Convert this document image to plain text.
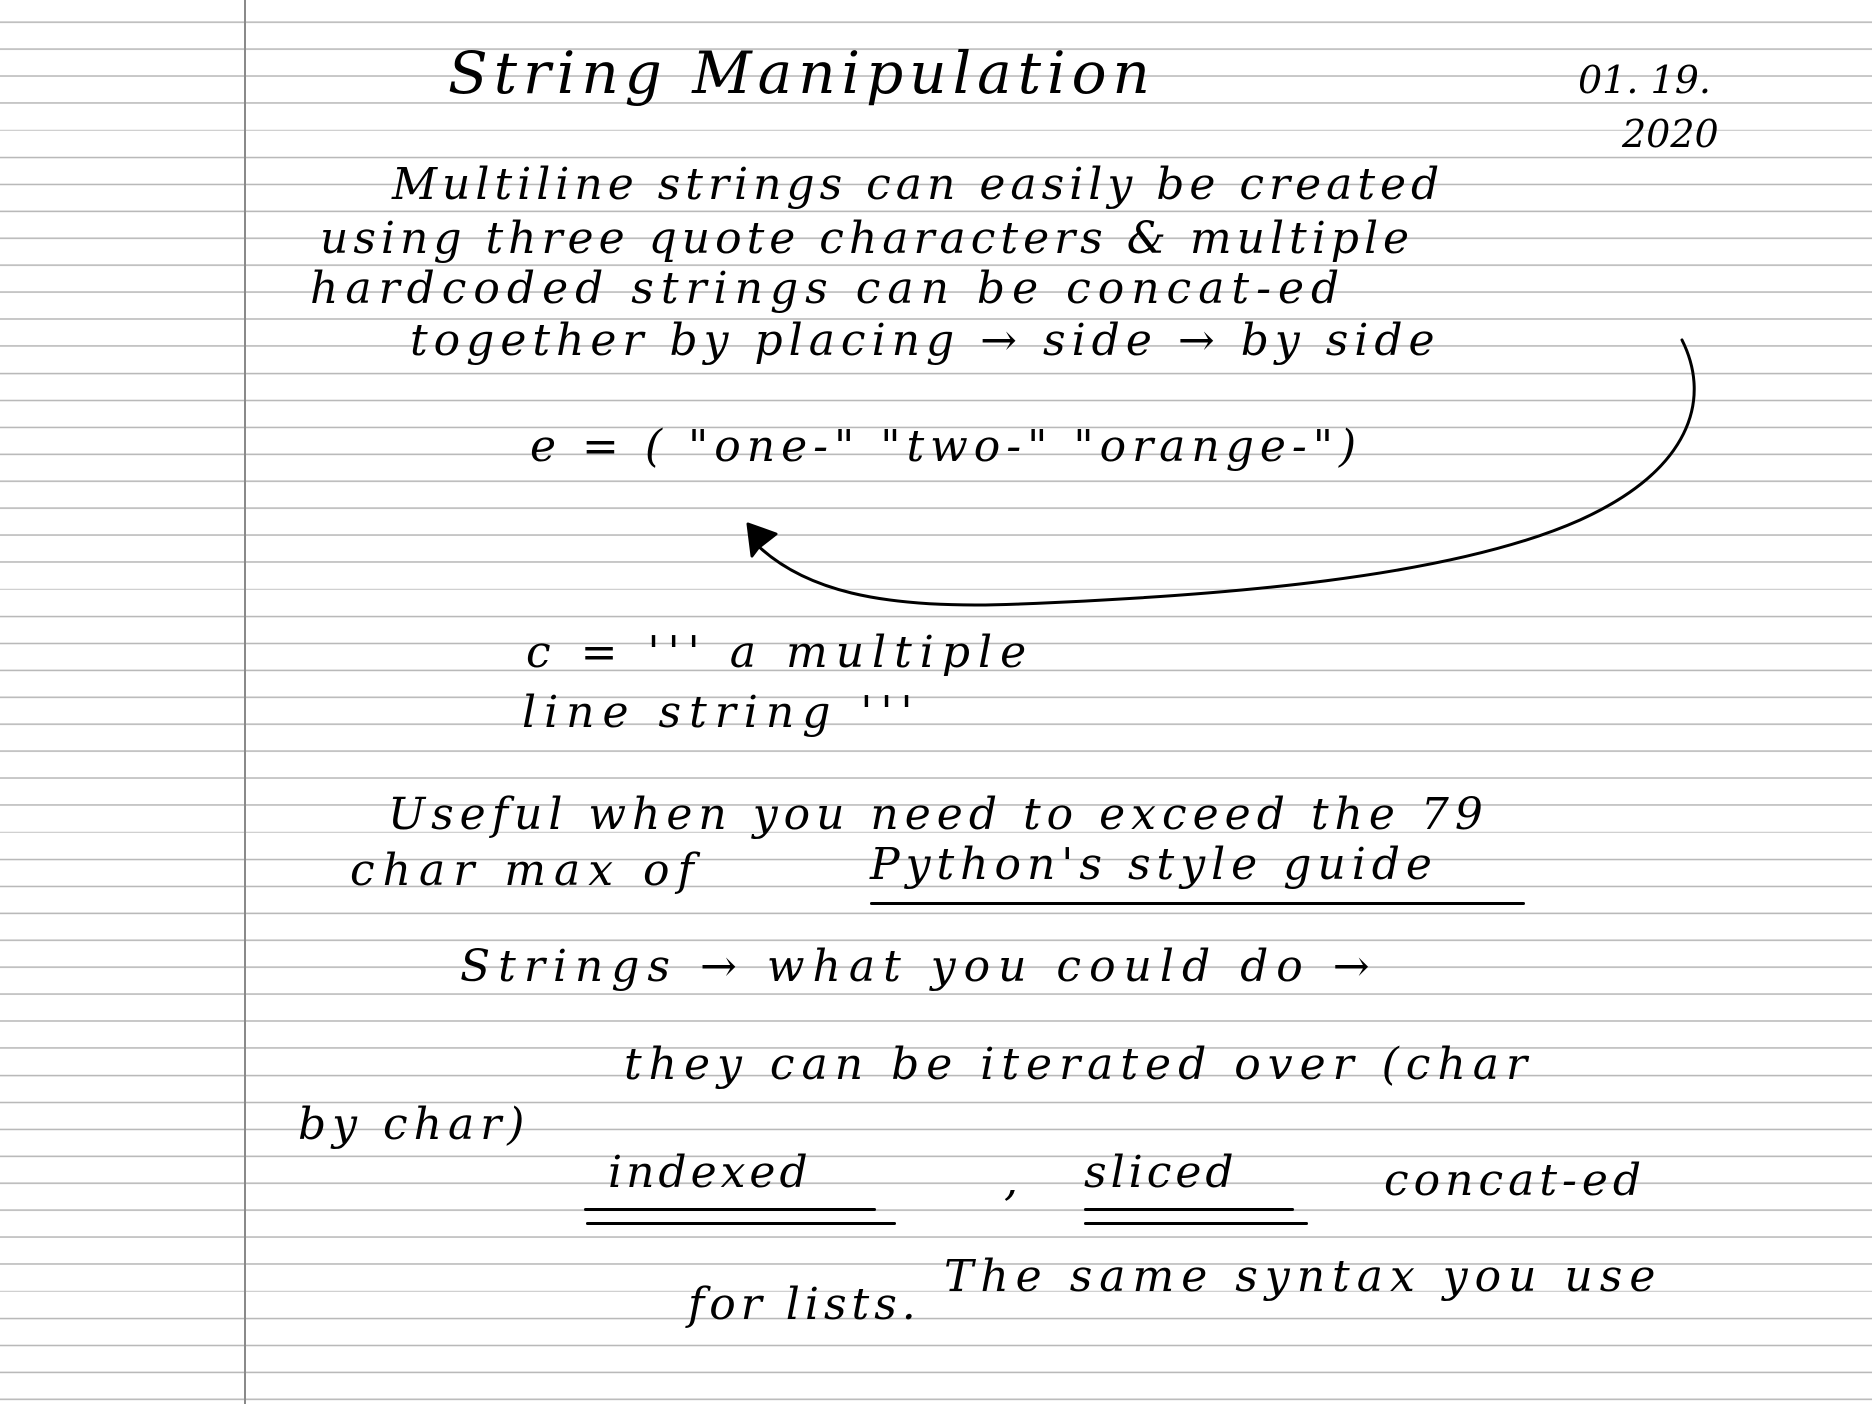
String Manipulation	01. 19.
2020
Multiline strings can easily be created
using three quote characters & multiple
hardcoded strings can be concat-ed
together by placing → side → by side
e = ( "one-" "two-" "orange-")
c = ''' a multiple
line string '''
Useful when you need to exceed the 79
char max of	Python's style guide
Strings → what you could do →
they can be iterated over (char
by char)
indexed	, sliced	concat-ed
The same syntax you use
for lists.
